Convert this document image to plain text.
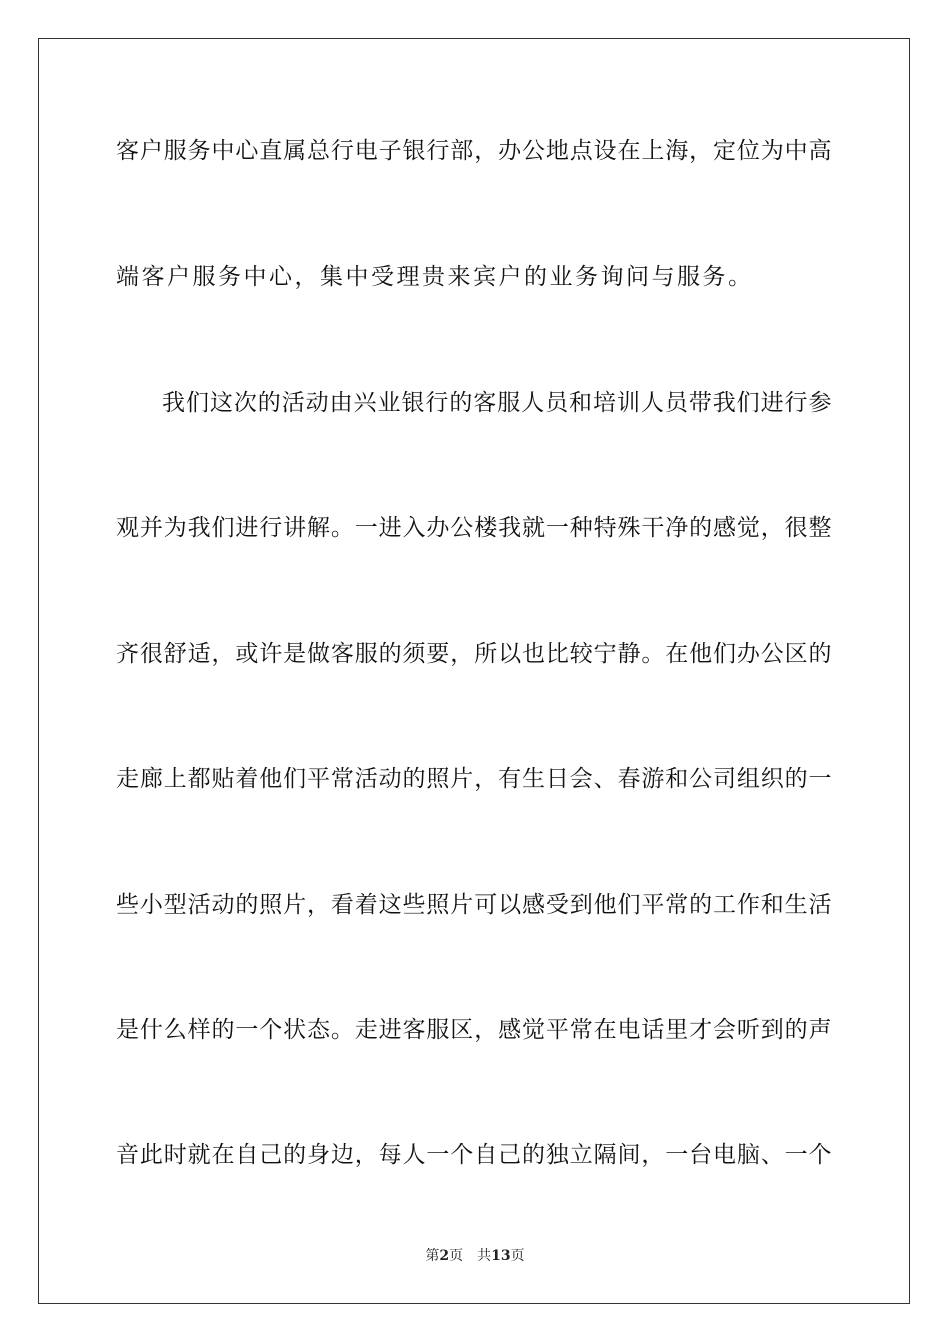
客户服务中心直属总行电子银行部，办公地点设在上海，定位为中高
端客户服务中心，集中受理贵来宾户的业务询问与服务。
我们这次的活动由兴业银行的客服人员和培训人员带我们进行参
观并为我们进行讲解。一进入办公楼我就一种特殊干净的感觉，很整
齐很舒适，或许是做客服的须要，所以也比较宁静。在他们办公区的
走廊上都贴着他们平常活动的照片，有生日会、春游和公司组织的一
些小型活动的照片，看着这些照片可以感受到他们平常的工作和生活
是什么样的一个状态。走进客服区，感觉平常在电话里才会听到的声
音此时就在自己的身边，每人一个自己的独立隔间，一台电脑、一个
第2页 共13页
